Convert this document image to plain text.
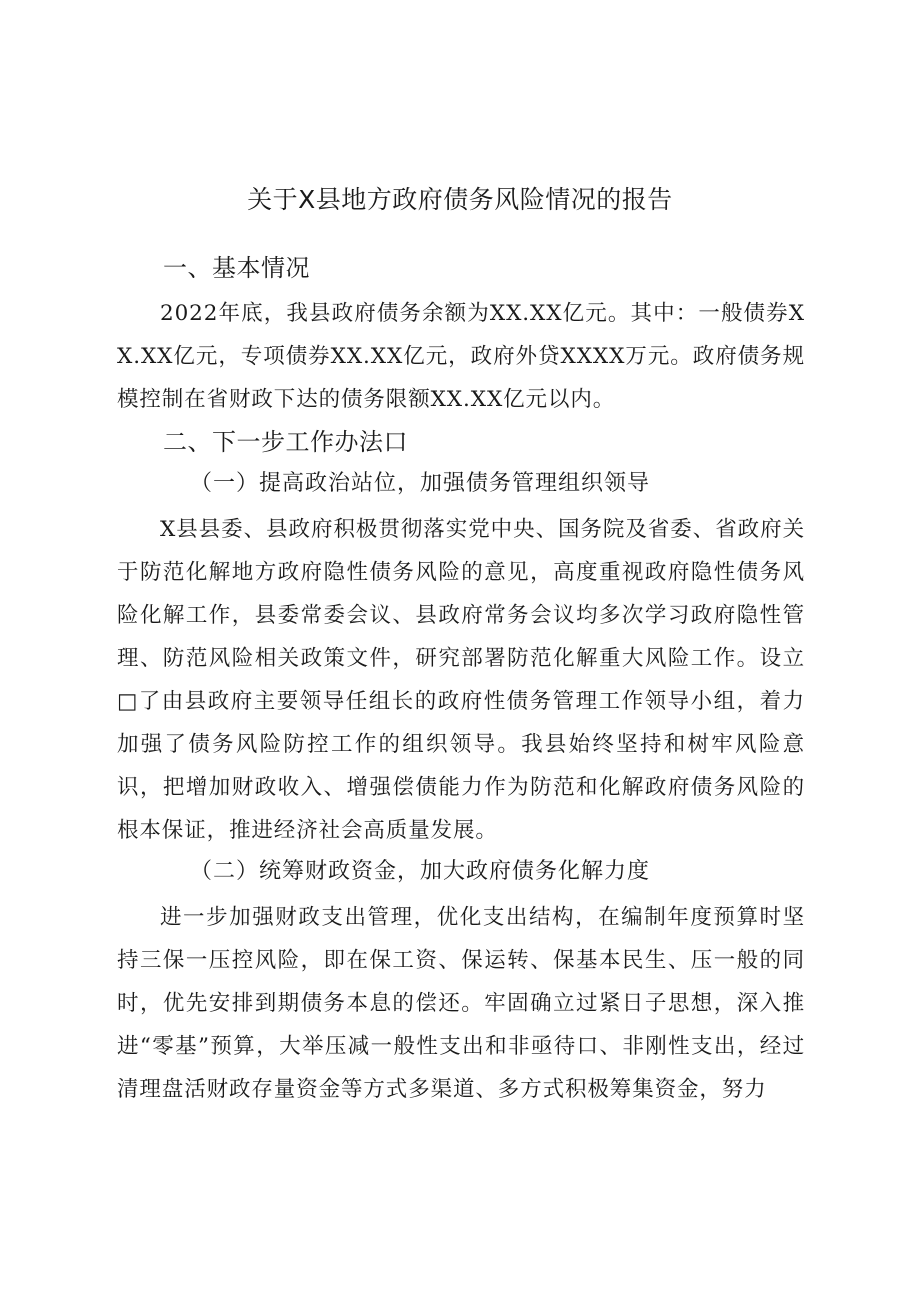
关于X县地方政府债务风险情况的报告
一、基本情况

2022年底，我县政府债务余额为XX.XX亿元。其中：一般债券XX.XX亿元，专项债券XX.XX亿元，政府外贷XXXX万元。政府债务规模控制在省财政下达的债务限额XX.XX亿元以内。

二、下一步工作办法口
（一）提高政治站位，加强债务管理组织领导

X县县委、县政府积极贯彻落实党中央、国务院及省委、省政府关于防范化解地方政府隐性债务风险的意见，高度重视政府隐性债务风险化解工作，县委常委会议、县政府常务会议均多次学习政府隐性管理、防范风险相关政策文件，研究部署防范化解重大风险工作。设立□了由县政府主要领导任组长的政府性债务管理工作领导小组，着力加强了债务风险防控工作的组织领导。我县始终坚持和树牢风险意识，把增加财政收入、增强偿债能力作为防范和化解政府债务风险的根本保证，推进经济社会高质量发展。

（二）统筹财政资金，加大政府债务化解力度

进一步加强财政支出管理，优化支出结构，在编制年度预算时坚持三保一压控风险，即在保工资、保运转、保基本民生、压一般的同时，优先安排到期债务本息的偿还。牢固确立过紧日子思想，深入推进“零基”预算，大举压减一般性支出和非亟待口、非刚性支出，经过清理盘活财政存量资金等方式多渠道、多方式积极筹集资金，努力
